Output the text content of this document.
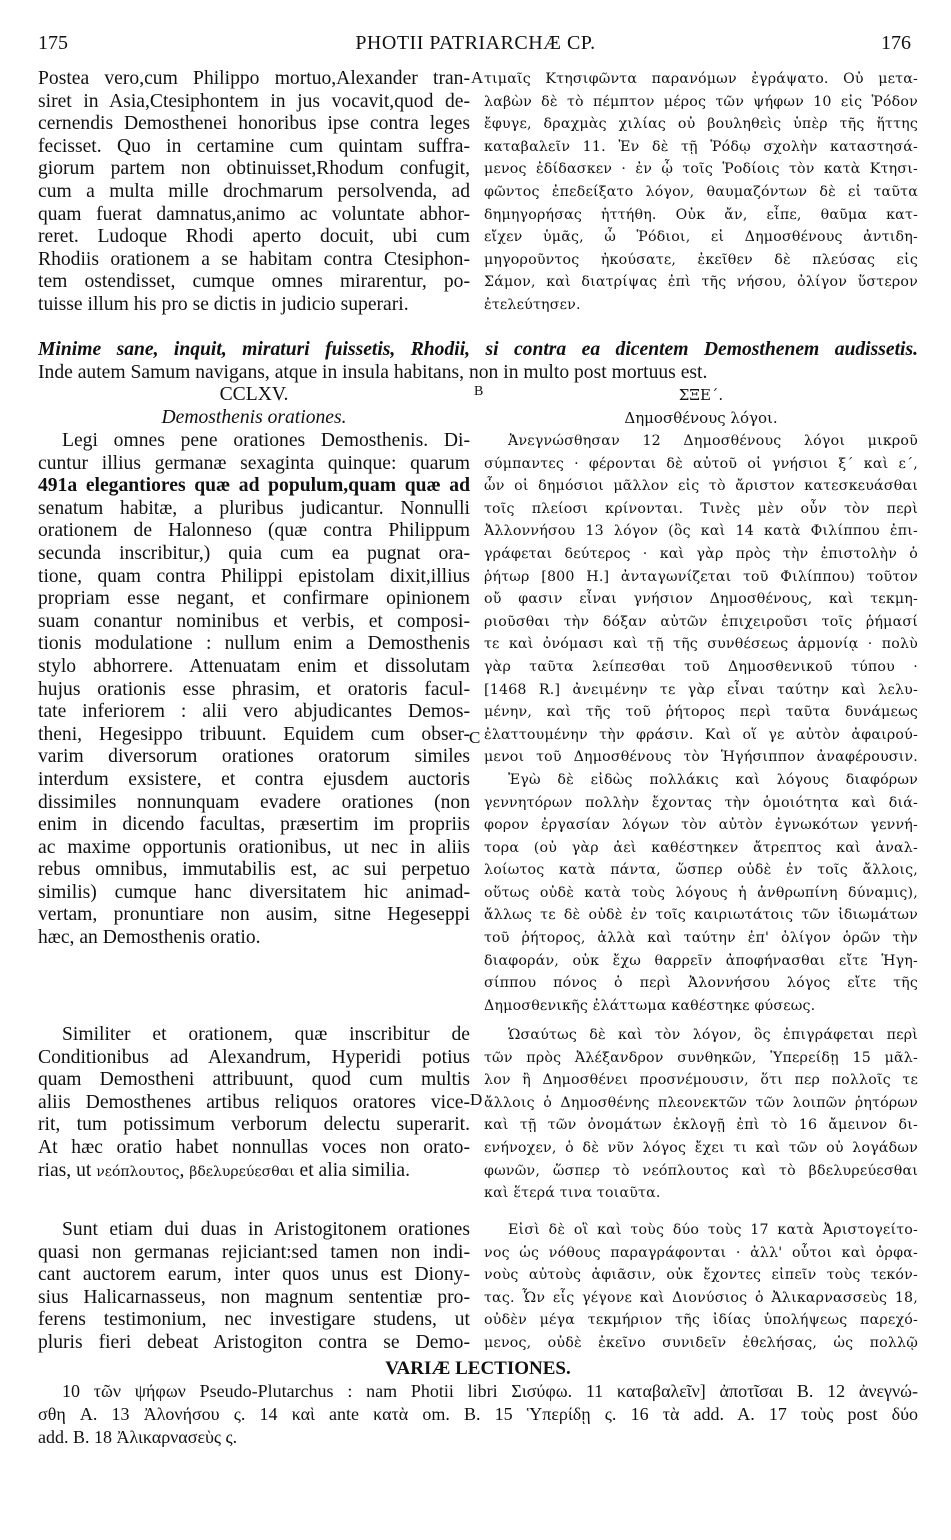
175	PHOTII PATRIARCHÆ CP.	176
A
B
C
D
Postea vero,cum Philippo mortuo,Alexander tran-
siret in Asia,Ctesiphontem in jus vocavit,quod de-
cernendis Demosthenei honoribus ipse contra leges
fecisset. Quo in certamine cum quintam suffra-
giorum partem non obtinuisset,Rhodum confugit,
cum a multa mille drochmarum persolvenda, ad
quam fuerat damnatus,animo ac voluntate abhor-
reret. Ludoque Rhodi aperto docuit, ubi cum
Rhodiis orationem a se habitam contra Ctesiphon-
tem ostendisset, cumque omnes mirarentur, po-
tuisse illum his pro se dictis in judicio superari.
τιμαῖς Κτησιφῶντα παρανόμων ἐγράψατο. Οὐ μετα-
λαβὼν δὲ τὸ πέμπτον μέρος τῶν ψήφων 10 εἰς Ῥόδον
ἔφυγε, δραχμὰς χιλίας οὐ βουληθεὶς ὑπὲρ τῆς ἥττης
καταβαλεῖν 11. Ἐν δὲ τῇ Ῥόδῳ σχολὴν καταστησά-
μενος ἐδίδασκεν · ἐν ᾧ τοῖς Ῥοδίοις τὸν κατὰ Κτησι-
φῶντος ἐπεδείξατο λόγον, θαυμαζόντων δὲ εἰ ταῦτα
δημηγορήσας ἡττήθη. Οὐκ ἄν, εἶπε, θαῦμα κατ-
εἴχεν ὑμᾶς, ὦ Ῥόδιοι, εἰ Δημοσθένους ἀντιδη-
μηγοροῦντος ἠκούσατε, ἐκεῖθεν δὲ πλεύσας εἰς
Σάμον, καὶ διατρίψας ἐπὶ τῆς νήσου, ὀλίγον ὕστερον
ἐτελεύτησεν.
Minime sane, inquit, miraturi fuissetis, Rhodii, si contra ea dicentem Demosthenem audissetis.
Inde autem Samum navigans, atque in insula habitans, non in multo post mortuus est.
CCLXV.
Demosthenis orationes.
ΣΞΕ΄.
Δημοσθένους λόγοι.
Legi omnes pene orationes Demosthenis. Di-
cuntur illius germanæ sexaginta quinque: quarum
491a elegantiores quæ ad populum,quam quæ ad
senatum habitæ, a pluribus judicantur. Nonnulli
orationem de Halonneso (quæ contra Philippum
secunda inscribitur,) quia cum ea pugnat ora-
tione, quam contra Philippi epistolam dixit,illius
propriam esse negant, et confirmare opinionem
suam conantur nominibus et verbis, et composi-
tionis modulatione : nullum enim a Demosthenis
stylo abhorrere. Attenuatam enim et dissolutam
hujus orationis esse phrasim, et oratoris facul-
tate inferiorem : alii vero abjudicantes Demos-
theni, Hegesippo tribuunt. Equidem cum obser-
varim diversorum orationes oratorum similes
interdum exsistere, et contra ejusdem auctoris
dissimiles nonnunquam evadere orationes (non
enim in dicendo facultas, præsertim im propriis
ac maxime opportunis orationibus, ut nec in aliis
rebus omnibus, immutabilis est, ac sui perpetuo
similis) cumque hanc diversitatem hic animad-
vertam, pronuntiare non ausim, sitne Hegeseppi
hæc, an Demosthenis oratio.
Ἀνεγνώσθησαν 12 Δημοσθένους λόγοι μικροῦ
σύμπαντες · φέρονται δὲ αὐτοῦ οἱ γνήσιοι ξ΄ καὶ ε΄,
ὧν οἱ δημόσιοι μᾶλλον εἰς τὸ ἄριστον κατεσκευάσθαι
τοῖς πλείοσι κρίνονται. Τινὲς μὲν οὖν τὸν περὶ
Ἀλλοννήσου 13 λόγον (ὃς καὶ 14 κατὰ Φιλίππου ἐπι-
γράφεται δεύτερος · καὶ γὰρ πρὸς τὴν ἐπιστολὴν ὁ
ῥήτωρ [800 H.] ἀνταγωνίζεται τοῦ Φιλίππου) τοῦτον
οὔ φασιν εἶναι γνήσιον Δημοσθένους, καὶ τεκμη-
ριοῦσθαι τὴν δόξαν αὐτῶν ἐπιχειροῦσι τοῖς ῥήμασί
τε καὶ ὀνόμασι καὶ τῇ τῆς συνθέσεως ἁρμονίᾳ · πολὺ
γὰρ ταῦτα λείπεσθαι τοῦ Δημοσθενικοῦ τύπου ·
[1468 R.] ἀνειμένην τε γὰρ εἶναι ταύτην καὶ λελυ-
μένην, καὶ τῆς τοῦ ῥήτορος περὶ ταῦτα δυνάμεως
ἐλαττουμένην τὴν φράσιν. Καὶ οἵ γε αὐτὸν ἀφαιρού-
μενοι τοῦ Δημοσθένους τὸν Ἡγήσιππον ἀναφέρουσιν.
Ἐγὼ δὲ εἰδὼς πολλάκις καὶ λόγους διαφόρων
γεννητόρων πολλὴν ἔχοντας τὴν ὁμοιότητα καὶ διά-
φορον ἐργασίαν λόγων τὸν αὐτὸν ἐγνωκότων γεννή-
τορα (οὐ γὰρ ἀεὶ καθέστηκεν ἄτρεπτος καὶ ἀναλ-
λοίωτος κατὰ πάντα, ὥσπερ οὐδὲ ἐν τοῖς ἄλλοις,
οὕτως οὐδὲ κατὰ τοὺς λόγους ἡ ἀνθρωπίνη δύναμις),
ἄλλως τε δὲ οὐδὲ ἐν τοῖς καιριωτάτοις τῶν ἰδιωμάτων
τοῦ ῥήτορος, ἀλλὰ καὶ ταύτην ἐπ' ὀλίγον ὁρῶν τὴν
διαφοράν, οὐκ ἔχω θαρρεῖν ἀποφήνασθαι εἴτε Ἡγη-
σίππου πόνος ὁ περὶ Ἀλοννήσου λόγος εἴτε τῆς
Δημοσθενικῆς ἐλάττωμα καθέστηκε φύσεως.
Similiter et orationem, quæ inscribitur de
Conditionibus ad Alexandrum, Hyperidi potius
quam Demostheni attribuunt, quod cum multis
aliis Demosthenes artibus reliquos oratores vice-
rit, tum potissimum verborum delectu superarit.
At hæc oratio habet nonnullas voces non orato-
rias, ut νεόπλουτος, βδελυρεύεσθαι et alia similia.
Ὡσαύτως δὲ καὶ τὸν λόγον, ὃς ἐπιγράφεται περὶ
τῶν πρὸς Ἀλέξανδρον συνθηκῶν, Ὑπερείδῃ 15 μᾶλ-
λον ἢ Δημοσθένει προσνέμουσιν, ὅτι περ πολλοῖς τε
ἄλλοις ὁ Δημοσθένης πλεονεκτῶν τῶν λοιπῶν ῥητόρων
καὶ τῇ τῶν ὀνομάτων ἐκλογῇ ἐπὶ τὸ 16 ἄμεινον δι-
ενήνοχεν, ὁ δὲ νῦν λόγος ἔχει τι καὶ τῶν οὐ λογάδων
φωνῶν, ὥσπερ τὸ νεόπλουτος καὶ τὸ βδελυρεύεσθαι
καὶ ἕτερά τινα τοιαῦτα.
Sunt etiam dui duas in Aristogitonem orationes
quasi non germanas rejiciant:sed tamen non indi-
cant auctorem earum, inter quos unus est Diony-
sius Halicarnasseus, non magnum sententiæ pro-
ferens testimonium, nec investigare studens, ut
pluris fieri debeat Aristogiton contra se Demo-
Εἰσὶ δὲ οἳ καὶ τοὺς δύο τοὺς 17 κατὰ Ἀριστογείτο-
νος ὡς νόθους παραγράφονται · ἀλλ' οὗτοι καὶ ὀρφα-
νοὺς αὐτοὺς ἀφιᾶσιν, οὐκ ἔχοντες εἰπεῖν τοὺς τεκόν-
τας. Ὧν εἷς γέγονε καὶ Διονύσιος ὁ Ἀλικαρνασσεὺς 18,
οὐδὲν μέγα τεκμήριον τῆς ἰδίας ὑπολήψεως παρεχό-
μενος, οὐδὲ ἐκεῖνο συνιδεῖν ἐθελήσας, ὡς πολλῷ
VARIÆ LECTIONES.
10 τῶν ψήφων Pseudo-Plutarchus : nam Photii libri Σισύφω. 11 καταβαλεῖν] ἀποτῖσαι B. 12 ἀνεγνώ-
σθη A. 13 Ἀλονήσου ς. 14 καὶ ante κατὰ om. B. 15 Ὑπερίδῃ ς. 16 τὰ add. A. 17 τοὺς post δύο
add. B. 18 Ἀλικαρνασεὺς ς.
